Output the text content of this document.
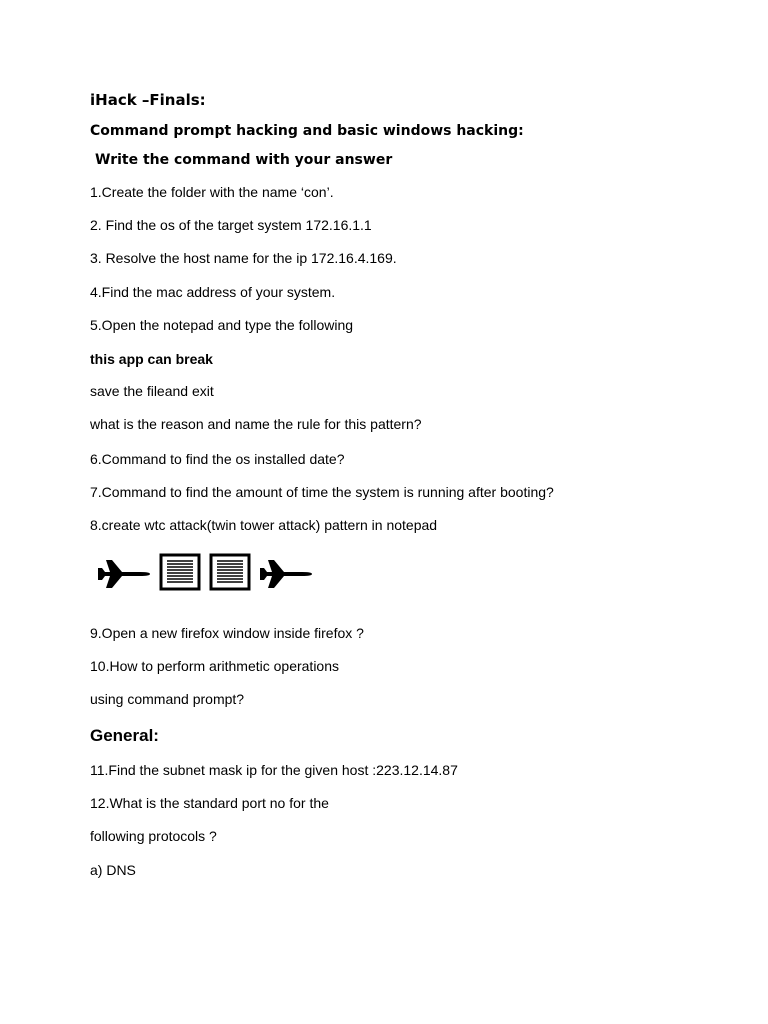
iHack –Finals:
Command prompt hacking and basic windows hacking:
Write the command with your answer
1.Create the folder with the name ‘con’.
2. Find the os of the target system 172.16.1.1
3. Resolve the host name for the ip 172.16.4.169.
4.Find the mac address of your system.
5.Open the notepad and type the following
this app can break
save the fileand exit
what is the reason and name the rule for this pattern?
6.Command to find the os installed date?
7.Command to find the amount of time the system is running after booting?
8.create wtc attack(twin tower attack) pattern in notepad
9.Open a new firefox window inside firefox ?
10.How to perform arithmetic operations
using command prompt?
General:
11.Find the subnet mask ip for the given host :223.12.14.87
12.What is the standard port no for the
following protocols ?
a) DNS
